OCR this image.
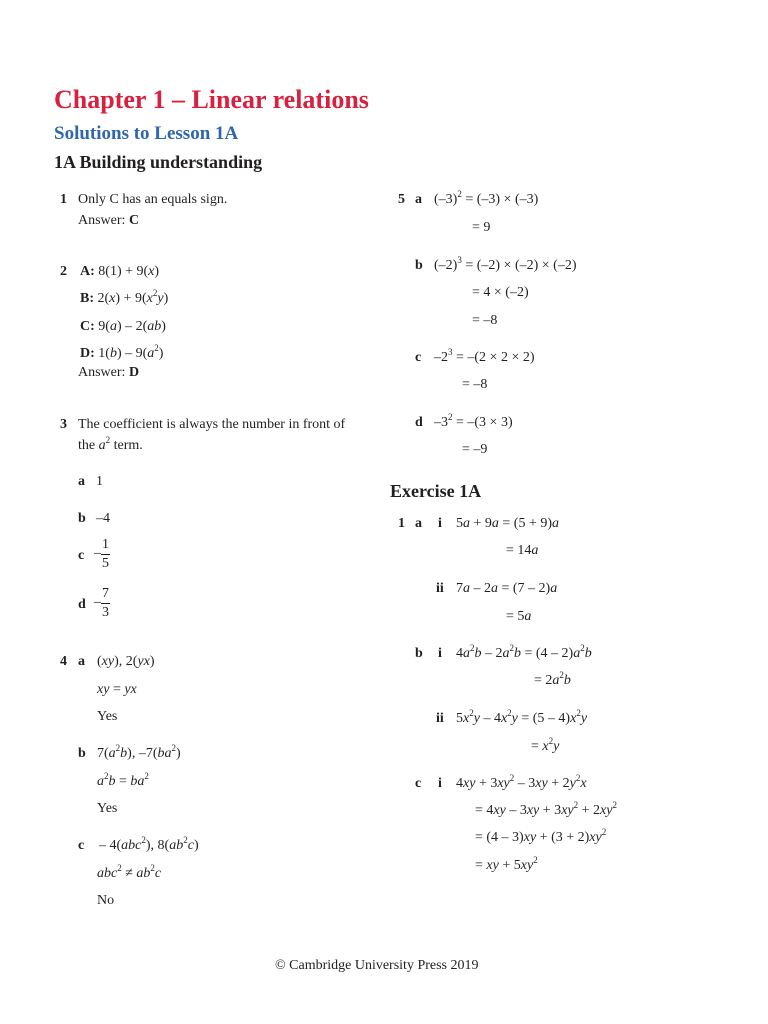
Chapter 1 – Linear relations
Solutions to Lesson 1A
1A Building understanding
1 Only C has an equals sign.
Answer: C
2 A: 8(1) + 9(x)
B: $2(x) + 9(x^2y)$
C: 9(a) – 2(ab)
D: $1(b) - 9(a^2)$
Answer: D
3 The coefficient is always the number in front of
the $a^2$ term.
a 1
b –4
c – $\frac{1}{5}$
d – $\frac{7}{3}$
4 a (xy), 2(yx)
xy = yx
Yes
b $7(a^2b)$, $-7(ba^2)$
$a^2b = ba^2$
Yes
c – 4(abc$^2$), $8(ab^2c)$
$abc^2 \ne ab^2c$
No
5 a $(-3)^2 = (-3) \times (-3)$
= 9
b $(-2)^3 = (-2) \times (-2) \times (-2)$
= 4 × (–2)
= –8
c $-2^3 = -(2 \times 2 \times 2)$
= –8
d $-3^2 = -(3 \times 3)$
= –9
Exercise 1A
1 a i 5a + 9a = (5 + 9)a
= 14a
ii 7a – 2a = (7 – 2)a
= 5a
b i $4a^2b - 2a^2b = (4 - 2)a^2b$
= $2a^2b$
ii $5x^2y - 4x^2y = (5 - 4)x^2y$
= $x^2y$
c i $4xy + 3xy^2 - 3xy + 2y^2x$
= $4xy - 3xy + 3xy^2 + 2xy^2$
= $(4 - 3)xy + (3 + 2)xy^2$
= xy + $5xy^2$
© Cambridge University Press 2019
